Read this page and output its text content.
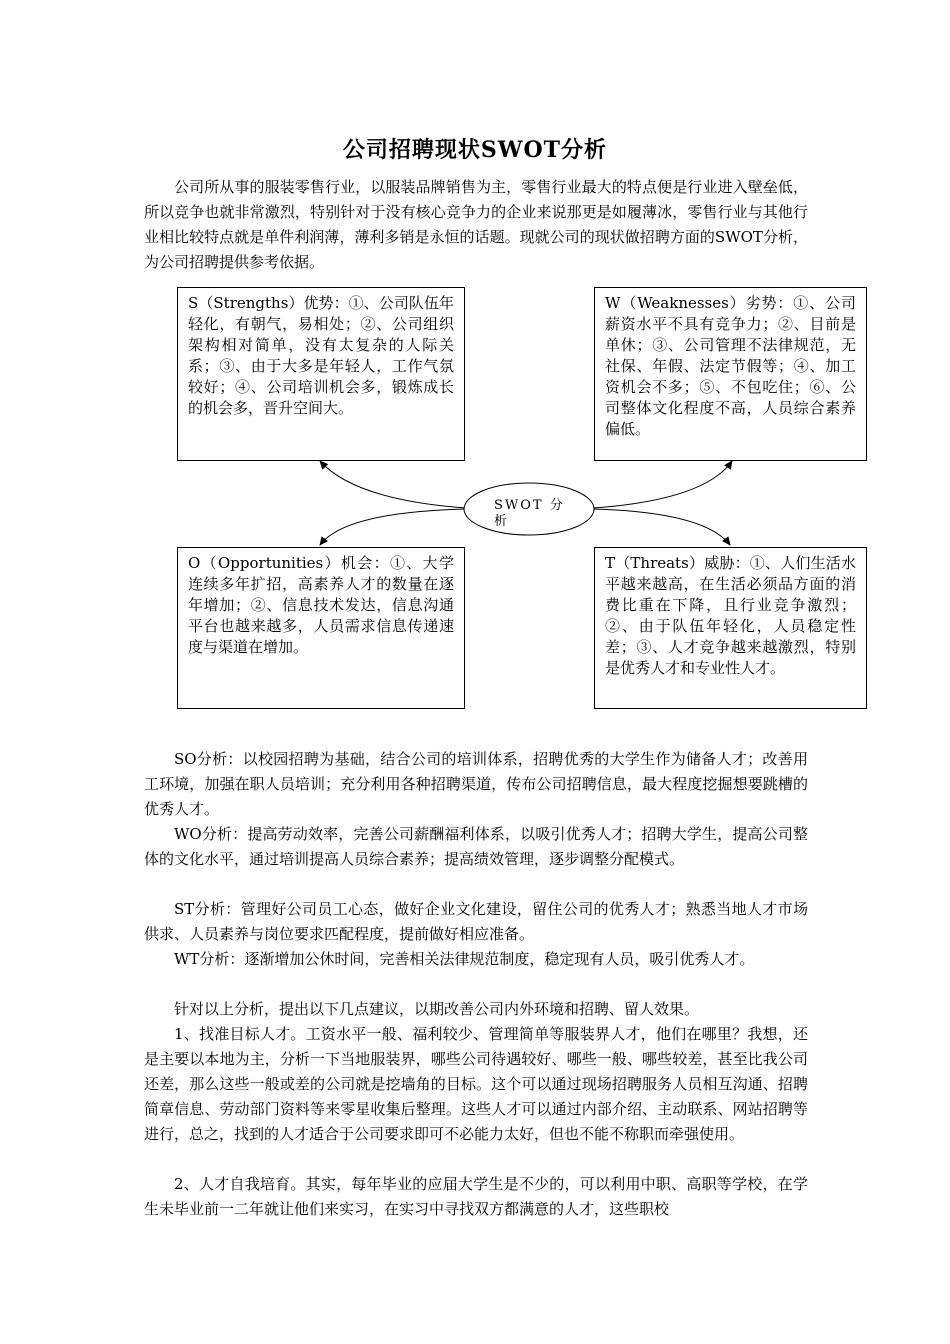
公司招聘现状SWOT分析

公司所从事的服装零售行业，以服装品牌销售为主，零售行业最大的特点便是行业进入壁垒低，所以竞争也就非常激烈，特别针对于没有核心竞争力的企业来说那更是如履薄冰，零售行业与其他行业相比较特点就是单件利润薄，薄利多销是永恒的话题。现就公司的现状做招聘方面的SWOT分析，为公司招聘提供参考依据。

SWOT 分析
S（Strengths）优势：①、公司队伍年轻化，有朝气，易相处；②、公司组织架构相对简单，没有太复杂的人际关系；③、由于大多是年轻人，工作气氛较好；④、公司培训机会多，锻炼成长的机会多，晋升空间大。
W（Weaknesses）劣势：①、公司薪资水平不具有竞争力；②、目前是单休；③、公司管理不法律规范，无社保、年假、法定节假等；④、加工资机会不多；⑤、不包吃住；⑥、公司整体文化程度不高，人员综合素养偏低。
O（Opportunities）机会：①、大学连续多年扩招，高素养人才的数量在逐年增加；②、信息技术发达，信息沟通平台也越来越多，人员需求信息传递速度与渠道在增加。
T（Threats）威胁：①、人们生活水平越来越高，在生活必须品方面的消费比重在下降，且行业竞争激烈；②、由于队伍年轻化，人员稳定性差；③、人才竞争越来越激烈，特别是优秀人才和专业性人才。

SO分析：以校园招聘为基础，结合公司的培训体系，招聘优秀的大学生作为储备人才；改善用工环境，加强在职人员培训；充分利用各种招聘渠道，传布公司招聘信息，最大程度挖掘想要跳槽的优秀人才。

WO分析：提高劳动效率，完善公司薪酬福利体系，以吸引优秀人才；招聘大学生，提高公司整体的文化水平，通过培训提高人员综合素养；提高绩效管理，逐步调整分配模式。

ST分析：管理好公司员工心态，做好企业文化建设，留住公司的优秀人才；熟悉当地人才市场供求、人员素养与岗位要求匹配程度，提前做好相应准备。

WT分析：逐渐增加公休时间，完善相关法律规范制度，稳定现有人员，吸引优秀人才。

针对以上分析，提出以下几点建议，以期改善公司内外环境和招聘、留人效果。

1、找准目标人才。工资水平一般、福利较少、管理简单等服装界人才，他们在哪里？我想，还是主要以本地为主，分析一下当地服装界，哪些公司待遇较好、哪些一般、哪些较差，甚至比我公司还差，那么这些一般或差的公司就是挖墙角的目标。这个可以通过现场招聘服务人员相互沟通、招聘简章信息、劳动部门资料等来零星收集后整理。这些人才可以通过内部介绍、主动联系、网站招聘等进行，总之，找到的人才适合于公司要求即可不必能力太好，但也不能不称职而牵强使用。

2、人才自我培育。其实，每年毕业的应届大学生是不少的，可以利用中职、高职等学校，在学生未毕业前一二年就让他们来实习，在实习中寻找双方都满意的人才，这些职校
